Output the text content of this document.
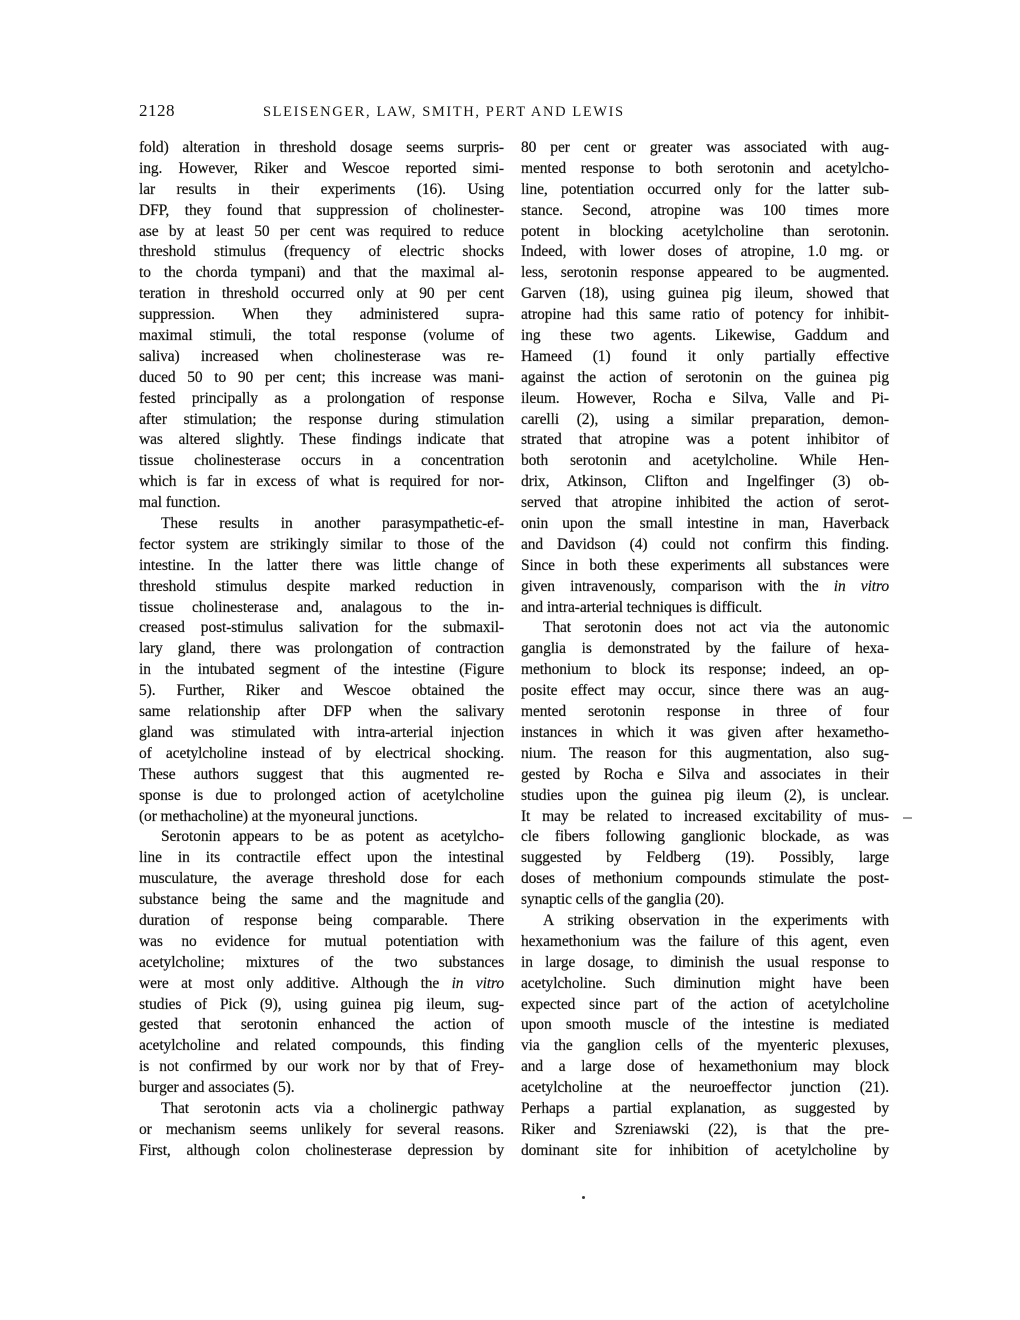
2128	SLEISENGER, LAW, SMITH, PERT AND LEWIS
fold) alteration in threshold dosage seems surpris-
ing. However, Riker and Wescoe reported simi-
lar results in their experiments (16). Using
DFP, they found that suppression of cholinester-
ase by at least 50 per cent was required to reduce
threshold stimulus (frequency of electric shocks
to the chorda tympani) and that the maximal al-
teration in threshold occurred only at 90 per cent
suppression. When they administered supra-
maximal stimuli, the total response (volume of
saliva) increased when cholinesterase was re-
duced 50 to 90 per cent; this increase was mani-
fested principally as a prolongation of response
after stimulation; the response during stimulation
was altered slightly. These findings indicate that
tissue cholinesterase occurs in a concentration
which is far in excess of what is required for nor-
mal function.
These results in another parasympathetic-ef-
fector system are strikingly similar to those of the
intestine. In the latter there was little change of
threshold stimulus despite marked reduction in
tissue cholinesterase and, analagous to the in-
creased post-stimulus salivation for the submaxil-
lary gland, there was prolongation of contraction
in the intubated segment of the intestine (Figure
5). Further, Riker and Wescoe obtained the
same relationship after DFP when the salivary
gland was stimulated with intra-arterial injection
of acetylcholine instead of by electrical shocking.
These authors suggest that this augmented re-
sponse is due to prolonged action of acetylcholine
(or methacholine) at the myoneural junctions.
Serotonin appears to be as potent as acetylcho-
line in its contractile effect upon the intestinal
musculature, the average threshold dose for each
substance being the same and the magnitude and
duration of response being comparable. There
was no evidence for mutual potentiation with
acetylcholine; mixtures of the two substances
were at most only additive. Although the in vitro
studies of Pick (9), using guinea pig ileum, sug-
gested that serotonin enhanced the action of
acetylcholine and related compounds, this finding
is not confirmed by our work nor by that of Frey-
burger and associates (5).
That serotonin acts via a cholinergic pathway
or mechanism seems unlikely for several reasons.
First, although colon cholinesterase depression by
80 per cent or greater was associated with aug-
mented response to both serotonin and acetylcho-
line, potentiation occurred only for the latter sub-
stance. Second, atropine was 100 times more
potent in blocking acetylcholine than serotonin.
Indeed, with lower doses of atropine, 1.0 mg. or
less, serotonin response appeared to be augmented.
Garven (18), using guinea pig ileum, showed that
atropine had this same ratio of potency for inhibit-
ing these two agents. Likewise, Gaddum and
Hameed (1) found it only partially effective
against the action of serotonin on the guinea pig
ileum. However, Rocha e Silva, Valle and Pi-
carelli (2), using a similar preparation, demon-
strated that atropine was a potent inhibitor of
both serotonin and acetylcholine. While Hen-
drix, Atkinson, Clifton and Ingelfinger (3) ob-
served that atropine inhibited the action of serot-
onin upon the small intestine in man, Haverback
and Davidson (4) could not confirm this finding.
Since in both these experiments all substances were
given intravenously, comparison with the in vitro
and intra-arterial techniques is difficult.
That serotonin does not act via the autonomic
ganglia is demonstrated by the failure of hexa-
methonium to block its response; indeed, an op-
posite effect may occur, since there was an aug-
mented serotonin response in three of four
instances in which it was given after hexametho-
nium. The reason for this augmentation, also sug-
gested by Rocha e Silva and associates in their
studies upon the guinea pig ileum (2), is unclear.
It may be related to increased excitability of mus-
cle fibers following ganglionic blockade, as was
suggested by Feldberg (19). Possibly, large
doses of methonium compounds stimulate the post-
synaptic cells of the ganglia (20).
A striking observation in the experiments with
hexamethonium was the failure of this agent, even
in large dosage, to diminish the usual response to
acetylcholine. Such diminution might have been
expected since part of the action of acetylcholine
upon smooth muscle of the intestine is mediated
via the ganglion cells of the myenteric plexuses,
and a large dose of hexamethonium may block
acetylcholine at the neuroeffector junction (21).
Perhaps a partial explanation, as suggested by
Riker and Szreniawski (22), is that the pre-
dominant site for inhibition of acetylcholine by
